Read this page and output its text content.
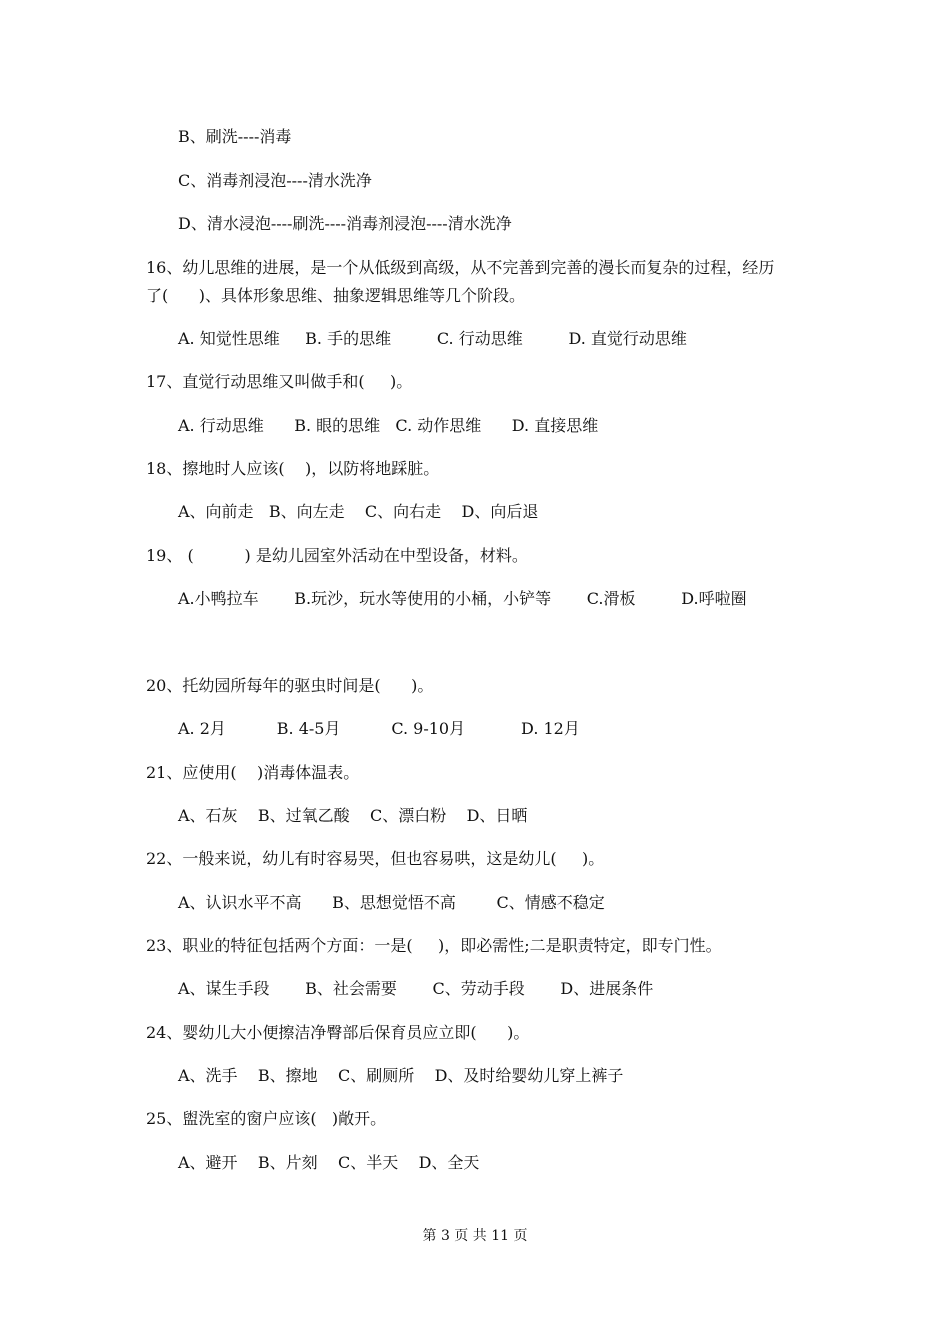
B、刷洗----消毒
C、消毒剂浸泡----清水洗净
D、清水浸泡----刷洗----消毒剂浸泡----清水洗净
16、幼儿思维的进展，是一个从低级到高级，从不完善到完善的漫长而复杂的过程，经历
了(      )、具体形象思维、抽象逻辑思维等几个阶段。
A. 知觉性思维     B. 手的思维         C. 行动思维         D. 直觉行动思维
17、直觉行动思维又叫做手和(     )。
A. 行动思维      B. 眼的思维   C. 动作思维      D. 直接思维
18、擦地时人应该(    )，以防将地踩脏。
A、向前走   B、向左走    C、向右走    D、向后退
19、 (          ) 是幼儿园室外活动在中型设备，材料。
A.小鸭拉车       B.玩沙，玩水等使用的小桶，小铲等       C.滑板         D.呼啦圈
20、托幼园所每年的驱虫时间是(      )。
A. 2月          B. 4-5月          C. 9-10月           D. 12月
21、应使用(    )消毒体温表。
A、石灰    B、过氧乙酸    C、漂白粉    D、日晒
22、一般来说，幼儿有时容易哭，但也容易哄，这是幼儿(     )。
A、认识水平不高      B、思想觉悟不高        C、情感不稳定
23、职业的特征包括两个方面：一是(     )，即必需性;二是职责特定，即专门性。
A、谋生手段       B、社会需要       C、劳动手段       D、进展条件
24、婴幼儿大小便擦洁净臀部后保育员应立即(      )。
A、洗手    B、擦地    C、刷厕所    D、及时给婴幼儿穿上裤子
25、盥洗室的窗户应该(   )敞开。
A、避开    B、片刻    C、半天    D、全天
第 3 页 共 11 页
